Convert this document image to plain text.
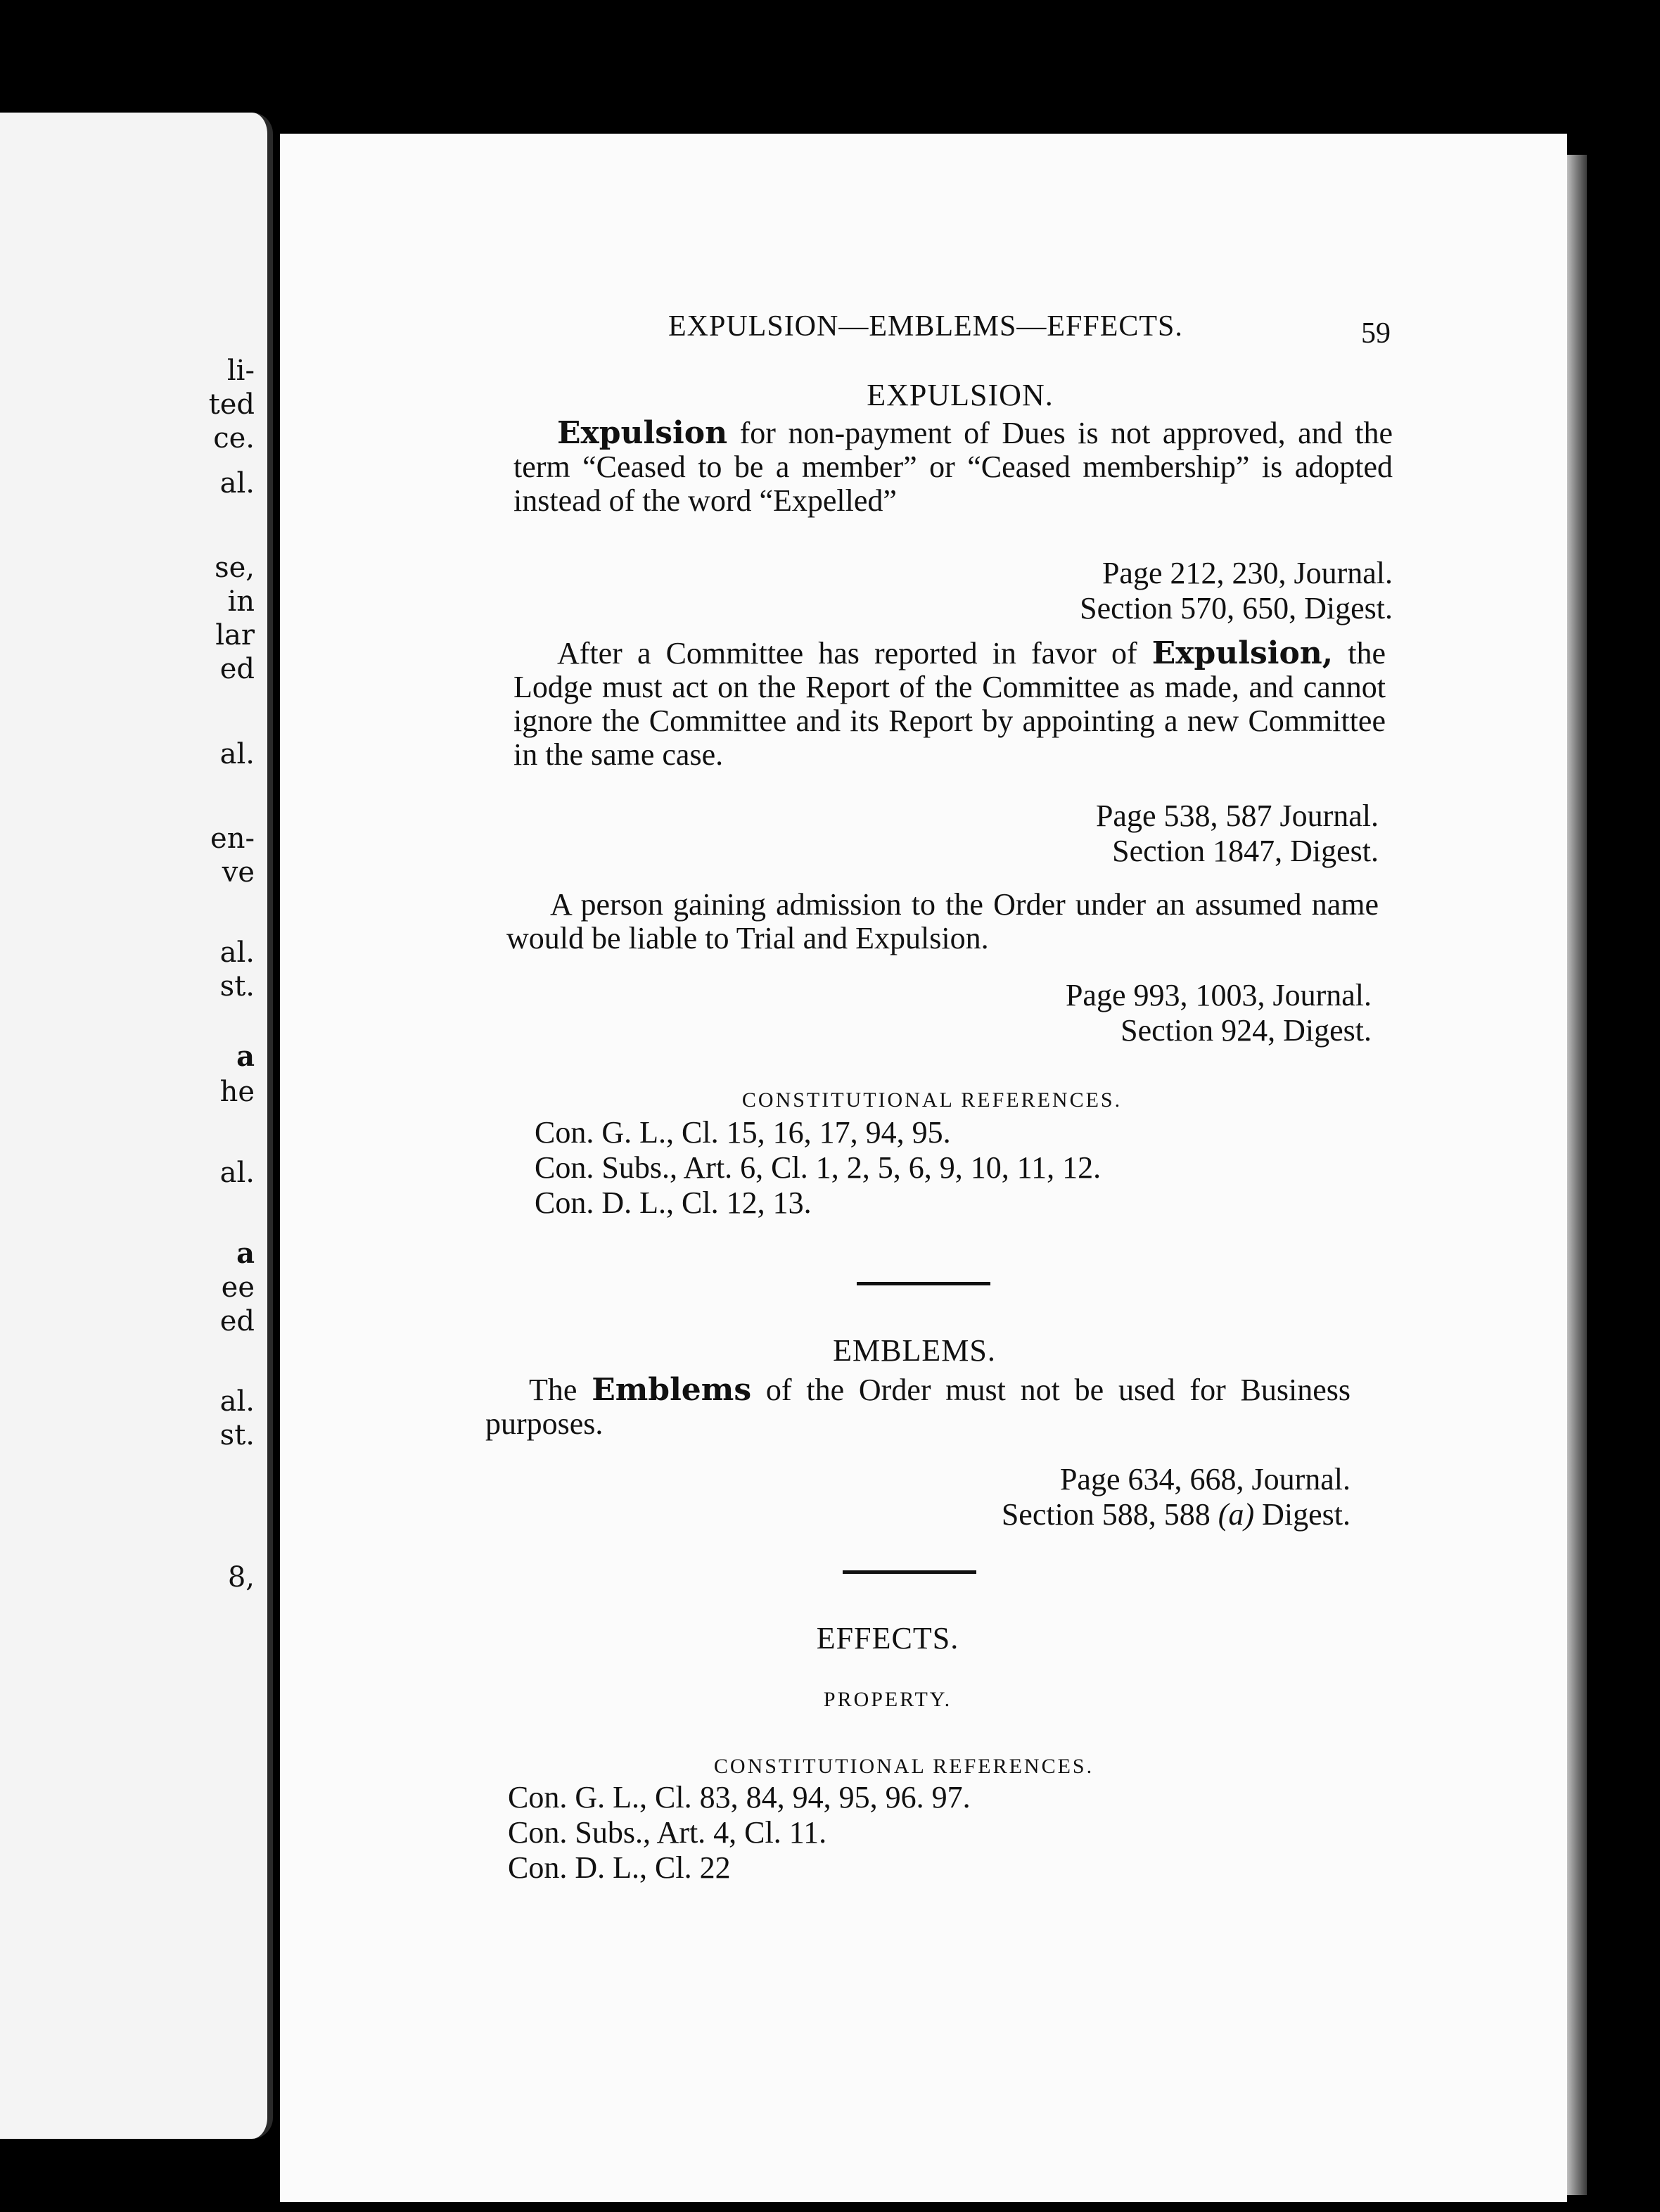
li-
ted
ce.
al.
se,
in
lar
ed
al.
en-
ve
al.
st.
a
he
al.
a
ee
ed
al.
st.
8,
EXPULSION—EMBLEMS—EFFECTS.	59
EXPULSION.
Expulsion for non-payment of Dues is not approved, and the term “Ceased to be a member” or “Ceased membership” is adopted instead of the word “Expelled”
Page 212, 230, Journal.
Section 570, 650, Digest.
After a Committee has reported in favor of Expulsion, the Lodge must act on the Report of the Committee as made, and cannot ignore the Committee and its Report by appointing a new Committee in the same case.
Page 538, 587 Journal.
Section 1847, Digest.
A person gaining admission to the Order under an assumed name would be liable to Trial and Expulsion.
Page 993, 1003, Journal.
Section 924, Digest.
CONSTITUTIONAL REFERENCES.
Con. G. L., Cl. 15, 16, 17, 94, 95.
Con. Subs., Art. 6, Cl. 1, 2, 5, 6, 9, 10, 11, 12.
Con. D. L., Cl. 12, 13.
EMBLEMS.
The Emblems of the Order must not be used for Business purposes.
Page 634, 668, Journal.
Section 588, 588 (a) Digest.
EFFECTS.
PROPERTY.
CONSTITUTIONAL REFERENCES.
Con. G. L., Cl. 83, 84, 94, 95, 96. 97.
Con. Subs., Art. 4, Cl. 11.
Con. D. L., Cl. 22
